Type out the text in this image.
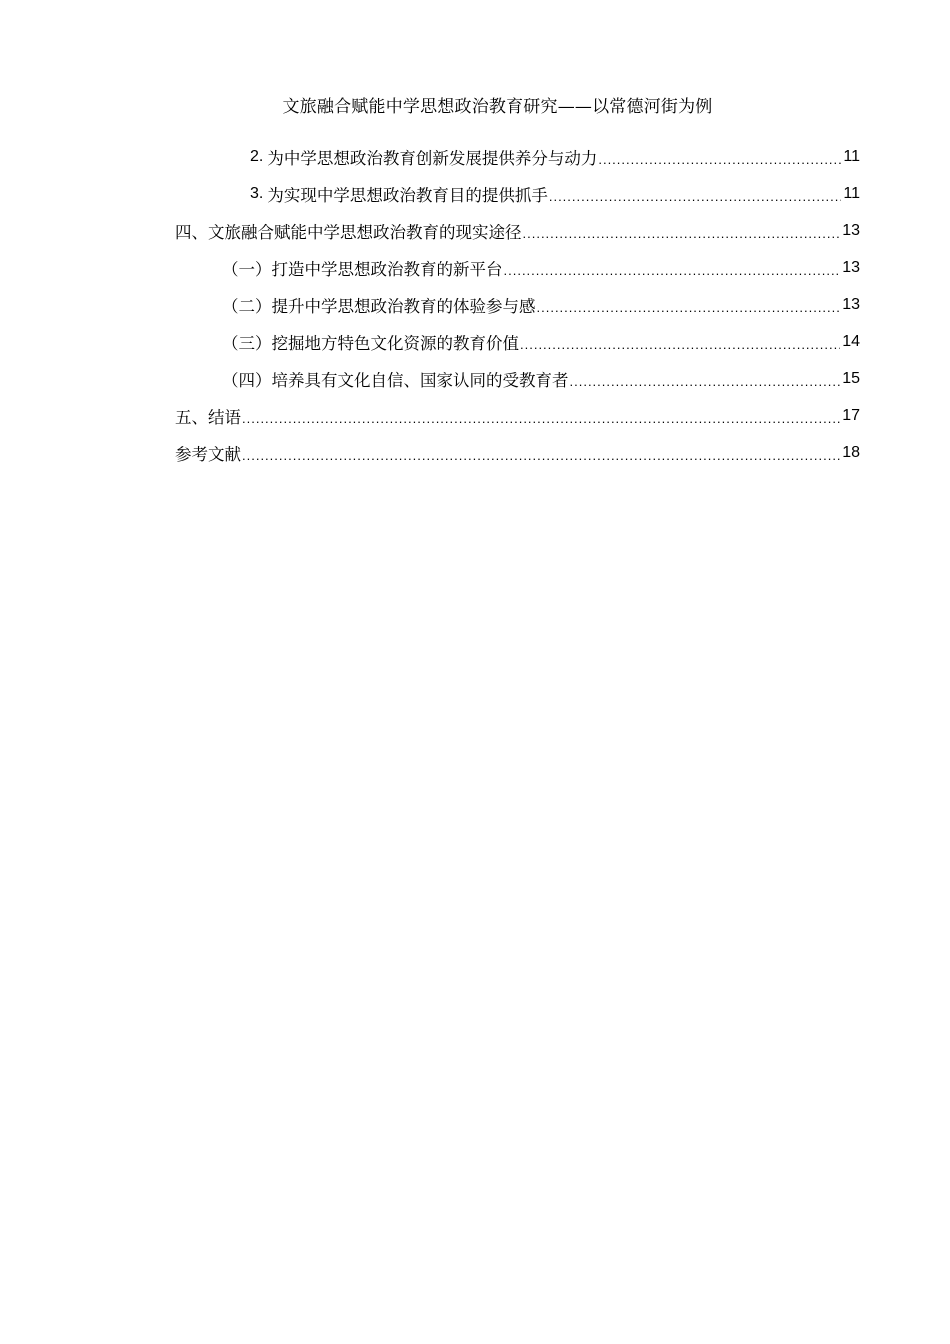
文旅融合赋能中学思想政治教育研究——以常德河街为例
2. 为中学思想政治教育创新发展提供养分与动力 .....	11
3. 为实现中学思想政治教育目的提供抓手 .....	11
四、 文旅融合赋能中学思想政治教育的现实途径 .....	13
（一） 打造中学思想政治教育的新平台 .....	13
（二） 提升中学思想政治教育的体验参与感 .....	13
（三） 挖掘地方特色文化资源的教育价值 .....	14
（四） 培养具有文化自信、国家认同的受教育者 .....	15
五、 结语 .....	17
参考文献 .....	18
